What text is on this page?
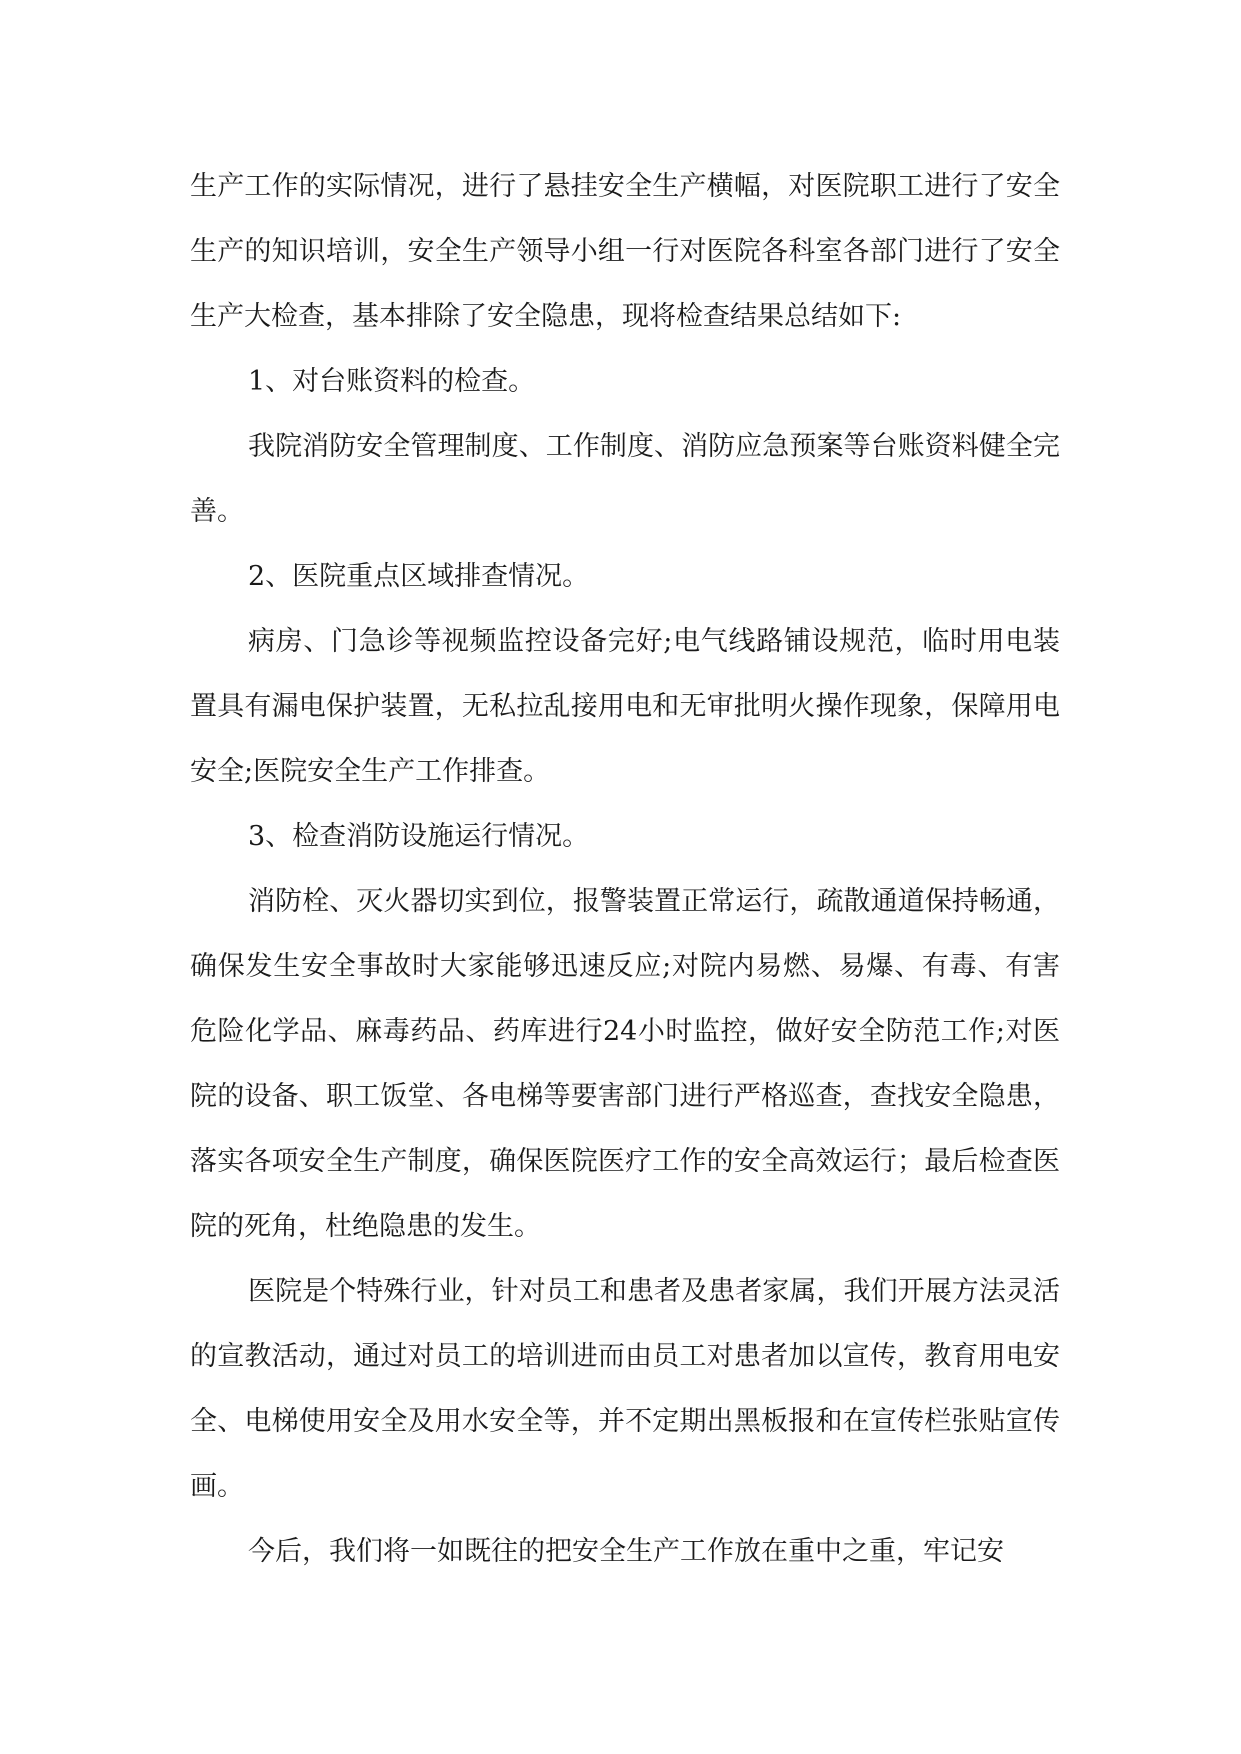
生产工作的实际情况，进行了悬挂安全生产横幅，对医院职工进行了安全生产的知识培训，安全生产领导小组一行对医院各科室各部门进行了安全生产大检查，基本排除了安全隐患，现将检查结果总结如下:

1、对台账资料的检查。

我院消防安全管理制度、工作制度、消防应急预案等台账资料健全完善。

2、医院重点区域排查情况。

病房、门急诊等视频监控设备完好;电气线路铺设规范，临时用电装置具有漏电保护装置，无私拉乱接用电和无审批明火操作现象，保障用电安全;医院安全生产工作排查。

3、检查消防设施运行情况。

消防栓、灭火器切实到位，报警装置正常运行，疏散通道保持畅通，确保发生安全事故时大家能够迅速反应;对院内易燃、易爆、有毒、有害危险化学品、麻毒药品、药库进行24小时监控，做好安全防范工作;对医院的设备、职工饭堂、各电梯等要害部门进行严格巡查，查找安全隐患，落实各项安全生产制度，确保医院医疗工作的安全高效运行；最后检查医院的死角，杜绝隐患的发生。

医院是个特殊行业，针对员工和患者及患者家属，我们开展方法灵活的宣教活动，通过对员工的培训进而由员工对患者加以宣传，教育用电安全、电梯使用安全及用水安全等，并不定期出黑板报和在宣传栏张贴宣传画。

今后，我们将一如既往的把安全生产工作放在重中之重，牢记安
